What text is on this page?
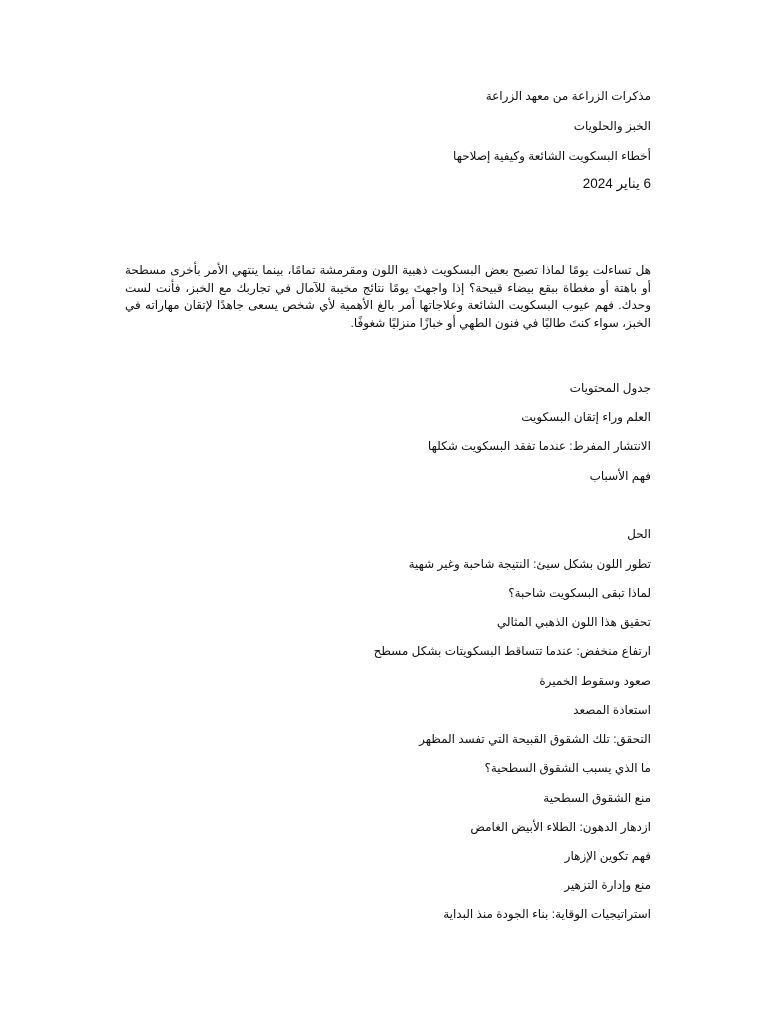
مذكرات الزراعة من معهد الزراعة
الخبز والحلويات
أخطاء البسكويت الشائعة وكيفية إصلاحها
6 يناير 2024
هل تساءلت يومًا لماذا تصبح بعض البسكويت ذهبية اللون ومقرمشة تمامًا، بينما ينتهي الأمر بأخرى مسطحة أو باهتة أو مغطاة ببقع بيضاء قبيحة؟ إذا واجهتَ يومًا نتائج مخيبة للآمال في تجاربك مع الخبز، فأنت لست وحدك. فهم عيوب البسكويت الشائعة وعلاجاتها أمر بالغ الأهمية لأي شخص يسعى جاهدًا لإتقان مهاراته في الخبز، سواء كنتَ طالبًا في فنون الطهي أو خبازًا منزليًا شغوفًا.
جدول المحتويات
العلم وراء إتقان البسكويت
الانتشار المفرط: عندما تفقد البسكويت شكلها
فهم الأسباب
الحل
تطور اللون بشكل سيئ: النتيجة شاحبة وغير شهية
لماذا تبقى البسكويت شاحبة؟
تحقيق هذا اللون الذهبي المثالي
ارتفاع منخفض: عندما تتساقط البسكويتات بشكل مسطح
صعود وسقوط الخميرة
استعادة المصعد
التحقق: تلك الشقوق القبيحة التي تفسد المظهر
ما الذي يسبب الشقوق السطحية؟
منع الشقوق السطحية
ازدهار الدهون: الطلاء الأبيض الغامض
فهم تكوين الإزهار
منع وإدارة التزهير
استراتيجيات الوقاية: بناء الجودة منذ البداية
